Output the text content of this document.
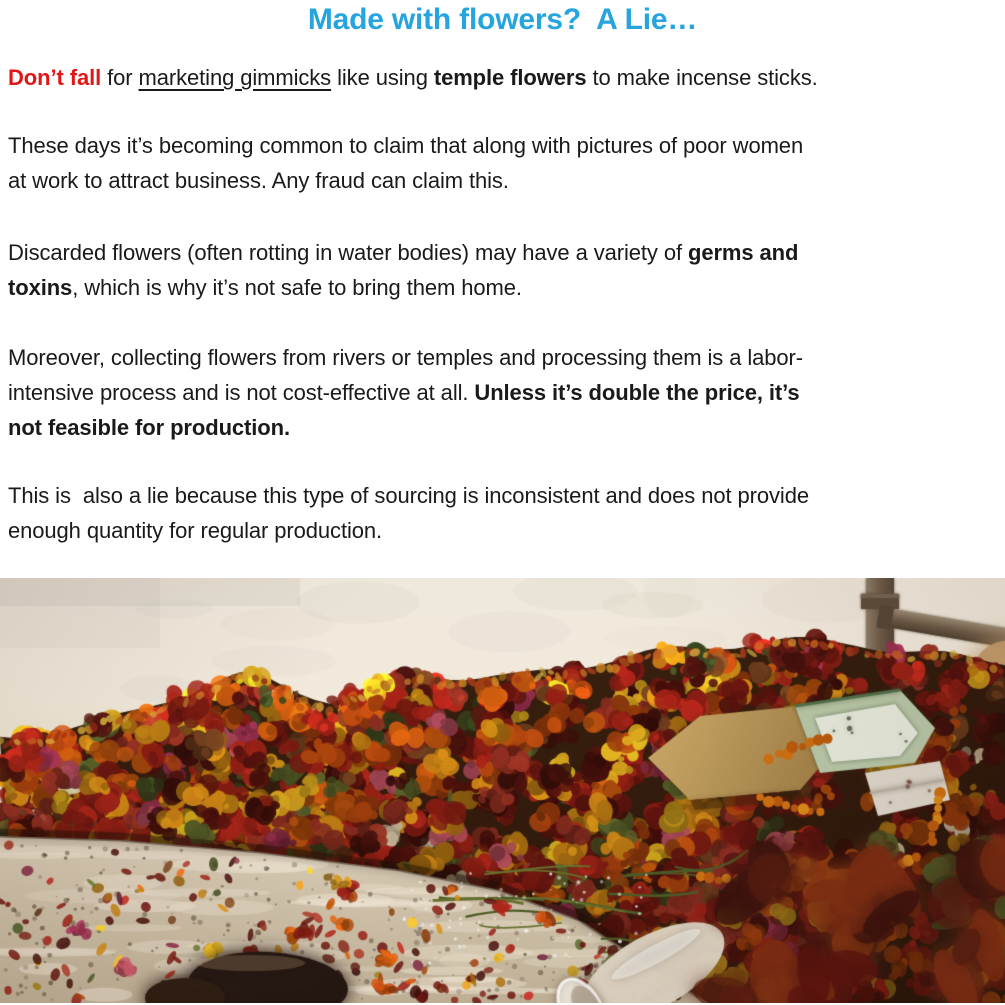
Made with flowers?  A Lie…

Don’t fall for marketing gimmicks like using temple flowers to make incense sticks.

These days it’s becoming common to claim that along with pictures of poor women
at work to attract business. Any fraud can claim this.

Discarded flowers (often rotting in water bodies) may have a variety of germs and
toxins, which is why it’s not safe to bring them home.

Moreover, collecting flowers from rivers or temples and processing them is a labor-
intensive process and is not cost-effective at all. Unless it’s double the price, it’s
not feasible for production.

This is  also a lie because this type of sourcing is inconsistent and does not provide
enough quantity for regular production.
